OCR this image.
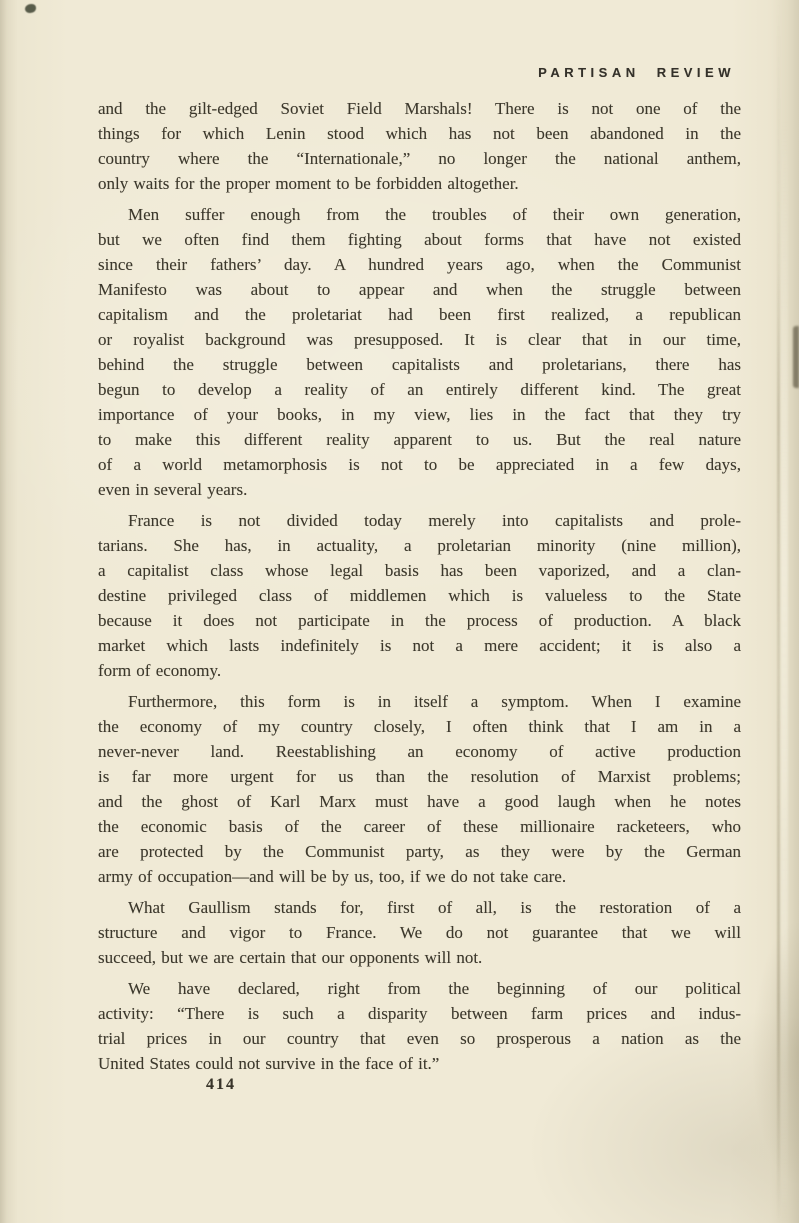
PARTISAN REVIEW
and the gilt-edged Soviet Field Marshals! There is not one of the
things for which Lenin stood which has not been abandoned in the
country where the “Internationale,” no longer the national anthem,
only waits for the proper moment to be forbidden altogether.
Men suffer enough from the troubles of their own generation,
but we often find them fighting about forms that have not existed
since their fathers’ day. A hundred years ago, when the Communist
Manifesto was about to appear and when the struggle between
capitalism and the proletariat had been first realized, a republican
or royalist background was presupposed. It is clear that in our time,
behind the struggle between capitalists and proletarians, there has
begun to develop a reality of an entirely different kind. The great
importance of your books, in my view, lies in the fact that they try
to make this different reality apparent to us. But the real nature
of a world metamorphosis is not to be appreciated in a few days,
even in several years.
France is not divided today merely into capitalists and prole-
tarians. She has, in actuality, a proletarian minority (nine million),
a capitalist class whose legal basis has been vaporized, and a clan-
destine privileged class of middlemen which is valueless to the State
because it does not participate in the process of production. A black
market which lasts indefinitely is not a mere accident; it is also a
form of economy.
Furthermore, this form is in itself a symptom. When I examine
the economy of my country closely, I often think that I am in a
never-never land. Reestablishing an economy of active production
is far more urgent for us than the resolution of Marxist problems;
and the ghost of Karl Marx must have a good laugh when he notes
the economic basis of the career of these millionaire racketeers, who
are protected by the Communist party, as they were by the German
army of occupation—and will be by us, too, if we do not take care.
What Gaullism stands for, first of all, is the restoration of a
structure and vigor to France. We do not guarantee that we will
succeed, but we are certain that our opponents will not.
We have declared, right from the beginning of our political
activity: “There is such a disparity between farm prices and indus-
trial prices in our country that even so prosperous a nation as the
United States could not survive in the face of it.”
414
